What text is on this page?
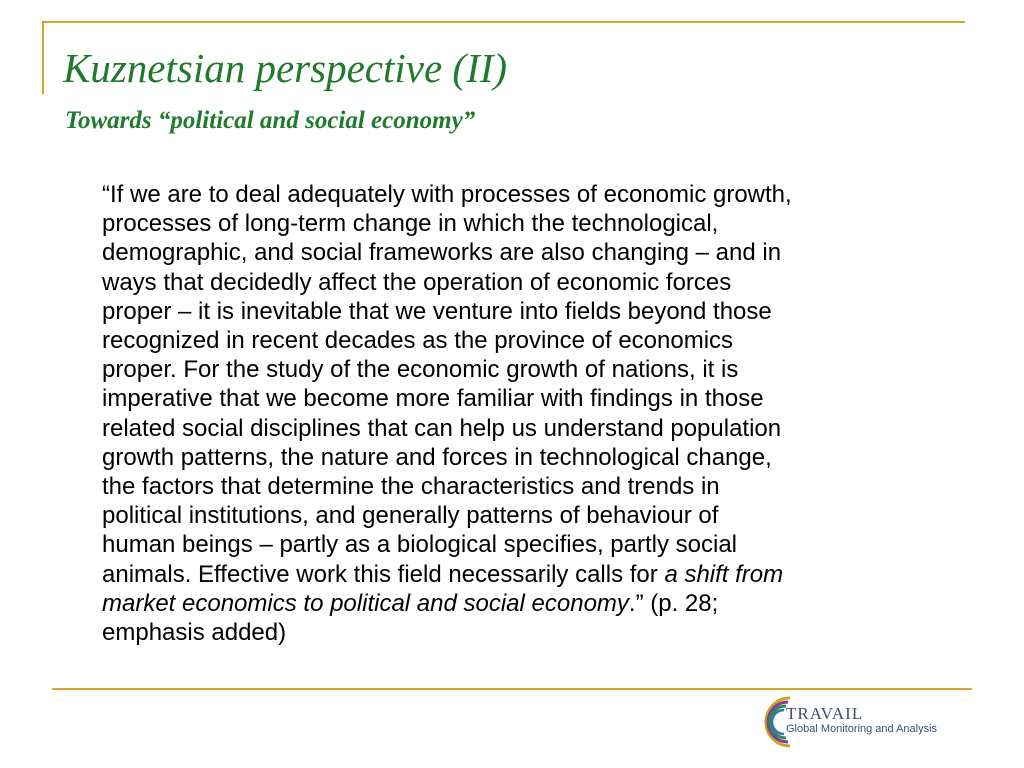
Kuznetsian perspective (II)
Towards “political and social economy”
“If we are to deal adequately with processes of economic growth,
processes of long-term change in which the technological,
demographic, and social frameworks are also changing – and in
ways that decidedly affect the operation of economic forces
proper – it is inevitable that we venture into fields beyond those
recognized in recent decades as the province of economics
proper. For the study of the economic growth of nations, it is
imperative that we become more familiar with findings in those
related social disciplines that can help us understand population
growth patterns, the nature and forces in technological change,
the factors that determine the characteristics and trends in
political institutions, and generally patterns of behaviour of
human beings – partly as a biological specifies, partly social
animals. Effective work this field necessarily calls for a shift from
market economics to political and social economy.” (p. 28;
emphasis added)
TRAVAIL
Global Monitoring and Analysis
